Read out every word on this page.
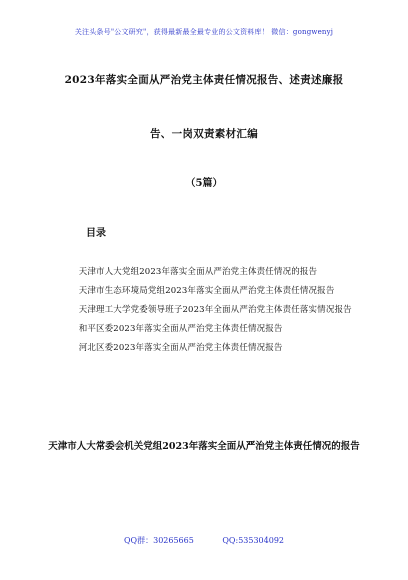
关注头条号"公文研究"，获得最新最全最专业的公文资料库！ 微信：gongwenyj
2023年落实全面从严治党主体责任情况报告、述责述廉报
告、一岗双责素材汇编
（5篇）
目录
天津市人大党组2023年落实全面从严治党主体责任情况的报告
天津市生态环境局党组2023年落实全面从严治党主体责任情况报告
天津理工大学党委领导班子2023年全面从严治党主体责任落实情况报告
和平区委2023年落实全面从严治党主体责任情况报告
河北区委2023年落实全面从严治党主体责任情况报告
天津市人大常委会机关党组2023年落实全面从严治党主体责任情况的报告
QQ群：30265665	QQ:535304092
